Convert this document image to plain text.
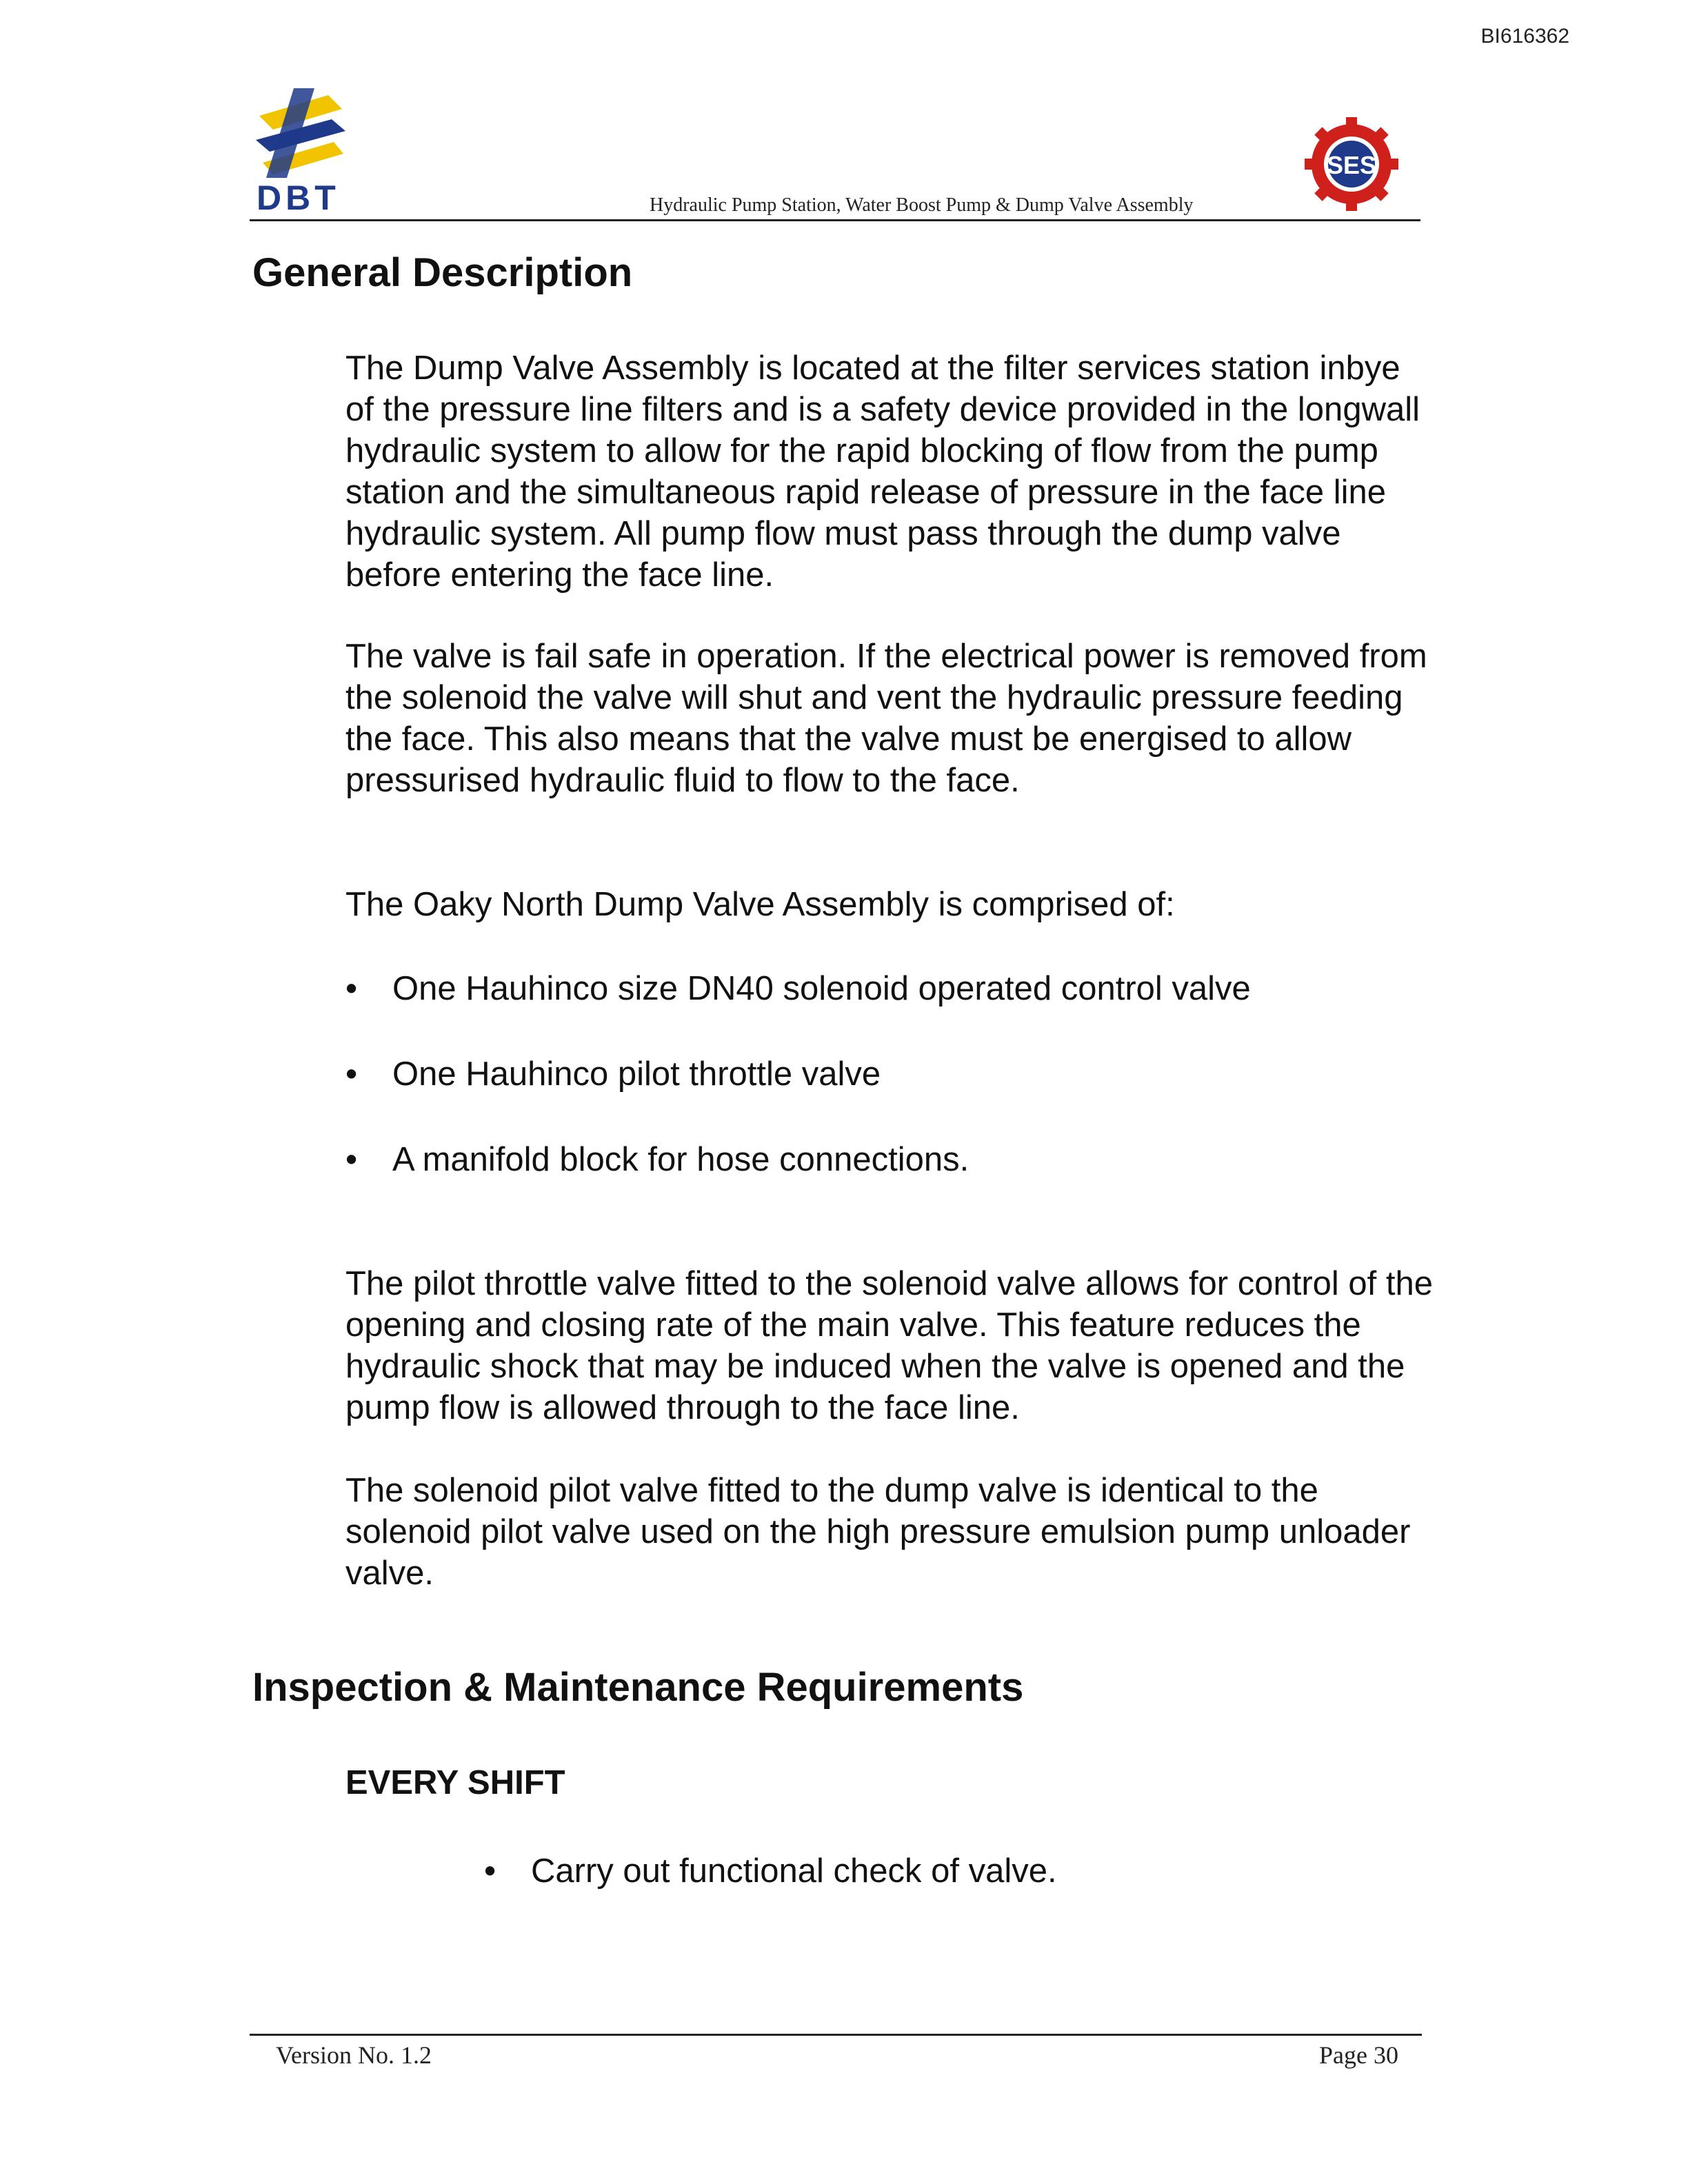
BI616362
DBT	Hydraulic Pump Station, Water Boost Pump & Dump Valve Assembly
SES
General Description

The Dump Valve Assembly is located at the filter services station inbye of the pressure line filters and is a safety device provided in the longwall hydraulic system to allow for the rapid blocking of flow from the pump station and the simultaneous rapid release of pressure in the face line hydraulic system. All pump flow must pass through the dump valve before entering the face line.

The valve is fail safe in operation. If the electrical power is removed from the solenoid the valve will shut and vent the hydraulic pressure feeding the face. This also means that the valve must be energised to allow pressurised hydraulic fluid to flow to the face.

The Oaky North Dump Valve Assembly is comprised of:

• One Hauhinco size DN40 solenoid operated control valve
• One Hauhinco pilot throttle valve
• A manifold block for hose connections.

The pilot throttle valve fitted to the solenoid valve allows for control of the opening and closing rate of the main valve. This feature reduces the hydraulic shock that may be induced when the valve is opened and the pump flow is allowed through to the face line.

The solenoid pilot valve fitted to the dump valve is identical to the solenoid pilot valve used on the high pressure emulsion pump unloader valve.

Inspection & Maintenance Requirements
EVERY SHIFT
• Carry out functional check of valve.
Version No. 1.2	Page 30
